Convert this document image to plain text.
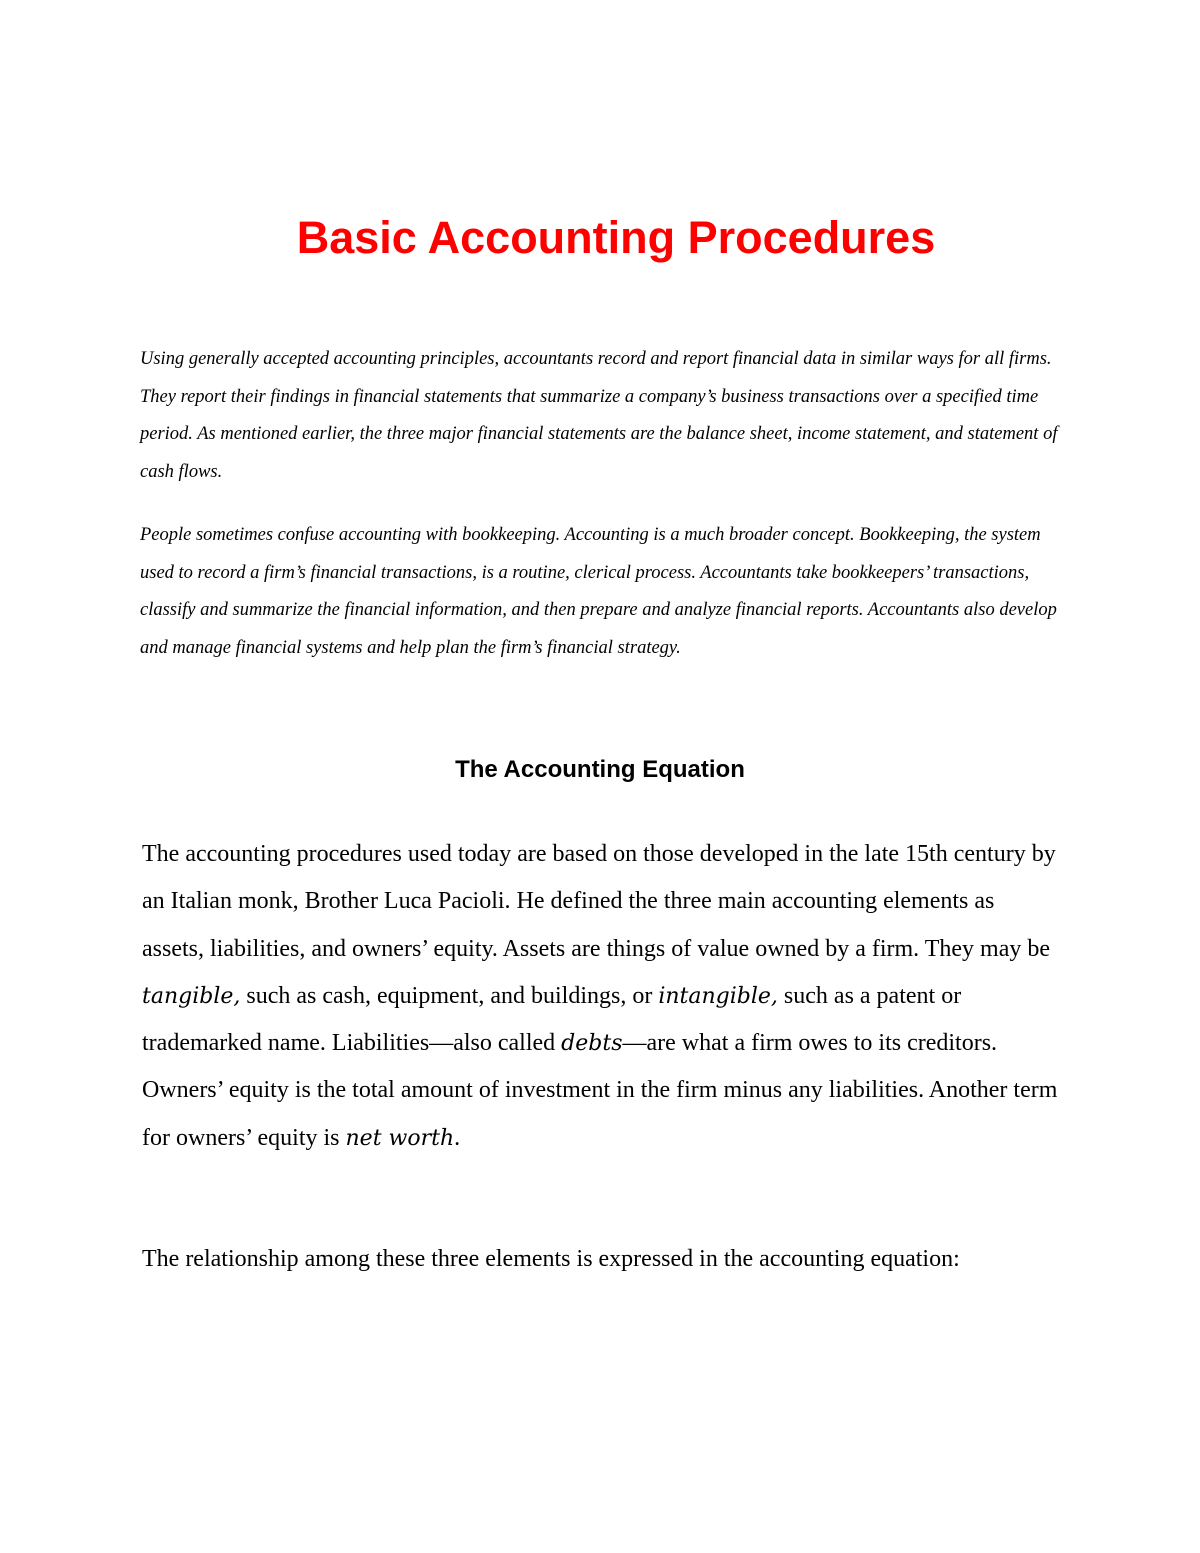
Basic Accounting Procedures

Using generally accepted accounting principles, accountants record and report financial data in similar ways for all firms. They report their findings in financial statements that summarize a company’s business transactions over a specified time period. As mentioned earlier, the three major financial statements are the balance sheet, income statement, and statement of cash flows.

People sometimes confuse accounting with bookkeeping. Accounting is a much broader concept. Bookkeeping, the system used to record a firm’s financial transactions, is a routine, clerical process. Accountants take bookkeepers’ transactions, classify and summarize the financial information, and then prepare and analyze financial reports. Accountants also develop and manage financial systems and help plan the firm’s financial strategy.

The Accounting Equation

The accounting procedures used today are based on those developed in the late 15th century by an Italian monk, Brother Luca Pacioli. He defined the three main accounting elements as assets, liabilities, and owners’ equity. Assets are things of value owned by a firm. They may be tangible, such as cash, equipment, and buildings, or intangible, such as a patent or trademarked name. Liabilities—also called debts—are what a firm owes to its creditors. Owners’ equity is the total amount of investment in the firm minus any liabilities. Another term for owners’ equity is net worth.

The relationship among these three elements is expressed in the accounting equation:
